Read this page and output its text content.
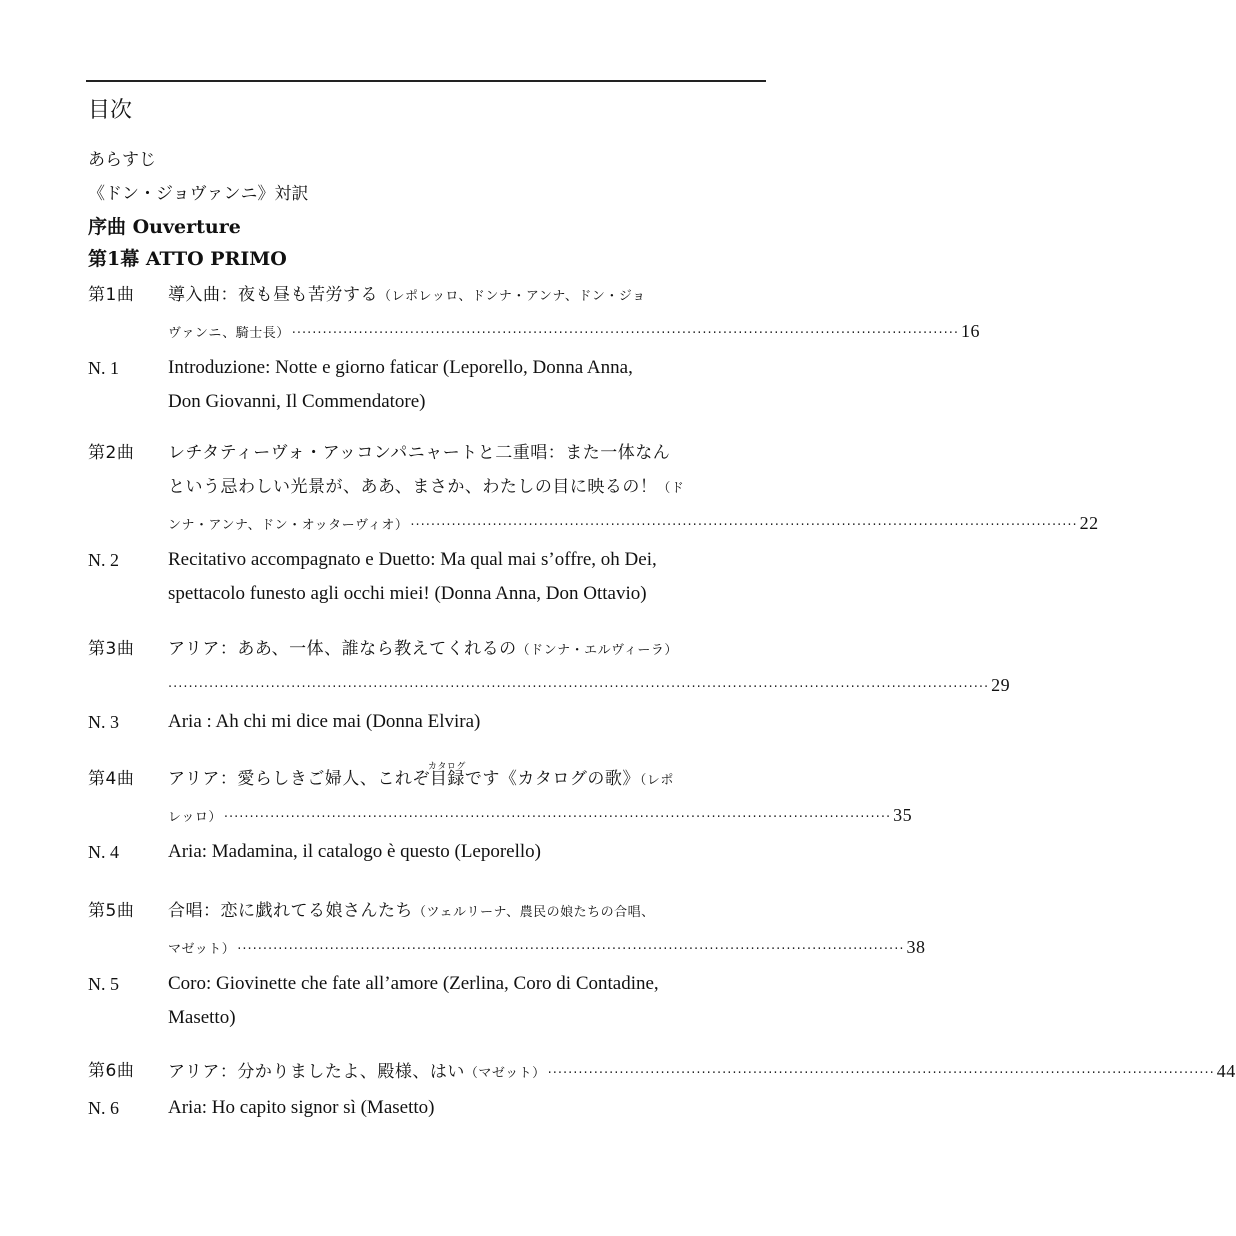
目次
あらすじ
《ドン・ジョヴァンニ》対訳
序曲 Ouverture
第1幕 ATTO PRIMO
第1曲	導入曲：夜も昼も苦労する（レポレッロ、ドンナ・アンナ、ドン・ジョ
ヴァンニ、騎士長） ·································································································································· 16
N. 1	Introduzione: Notte e giorno faticar (Leporello, Donna Anna,
Don Giovanni, Il Commendatore)
第2曲	レチタティーヴォ・アッコンパニャートと二重唱：また一体なん
という忌わしい光景が、ああ、まさか、わたしの目に映るの！（ド
ンナ・アンナ、ドン・オッターヴィオ） ·································································································································· 22
N. 2	Recitativo accompagnato e Duetto: Ma qual mai s’offre, oh Dei,
spettacolo funesto agli occhi miei! (Donna Anna, Don Ottavio)
第3曲	アリア：ああ、一体、誰なら教えてくれるの（ドンナ・エルヴィーラ）
································································································································································ 29
N. 3	Aria : Ah chi mi dice mai (Donna Elvira)
第4曲	アリア：愛らしきご婦人、これぞ
カタログ
目録です《カタログの歌》（レポ
レッロ） ·································································································································· 35
N. 4	Aria: Madamina, il catalogo è questo (Leporello)
第5曲	合唱：恋に戯れてる娘さんたち（ツェルリーナ、農民の娘たちの合唱、
マゼット） ·································································································································· 38
N. 5	Coro: Giovinette che fate all’amore (Zerlina, Coro di Contadine,
Masetto)
第6曲	アリア：分かりましたよ、殿様、はい （マゼット） ·································································································································· 44
N. 6	Aria: Ho capito signor sì (Masetto)
